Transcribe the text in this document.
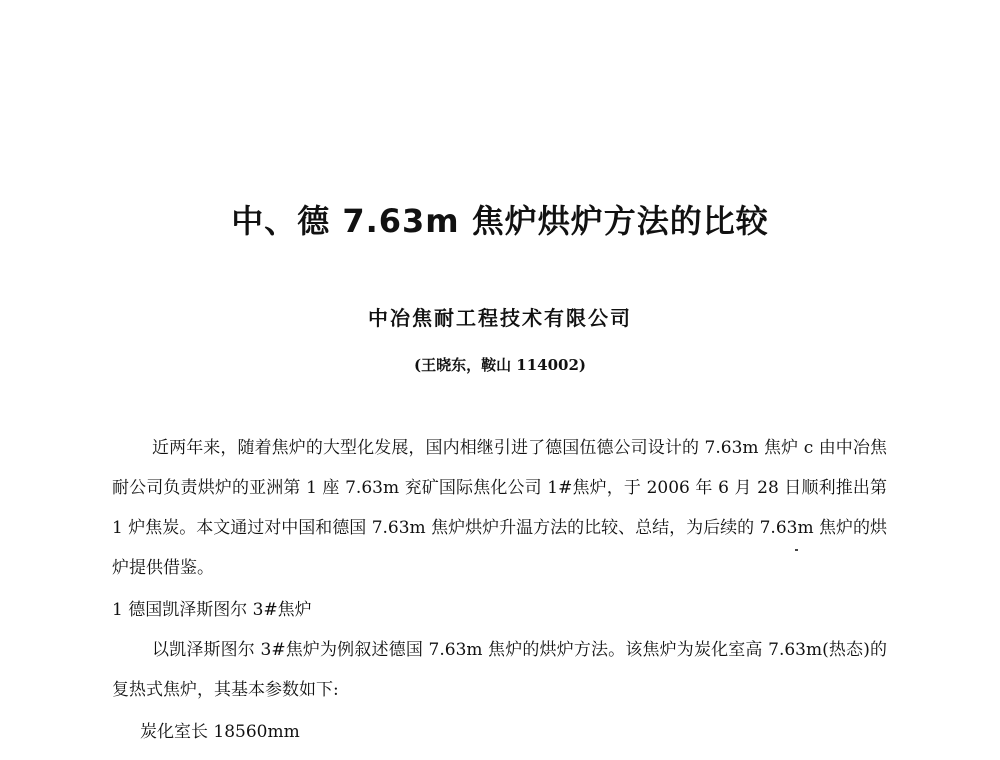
中、德 7.63m 焦炉烘炉方法的比较
中冶焦耐工程技术有限公司
(王晓东，鞍山 114002)

近两年来，随着焦炉的大型化发展，国内相继引进了德国伍德公司设计的 7.63m 焦炉 c 由中冶焦耐公司负责烘炉的亚洲第 1 座 7.63m 兖矿国际焦化公司 1#焦炉，于 2006 年 6 月 28 日顺利推出第 1 炉焦炭。本文通过对中国和德国 7.63m 焦炉烘炉升温方法的比较、总结，为后续的 7.63m 焦炉的烘炉提供借鉴。

1 德国凯泽斯图尔 3#焦炉

以凯泽斯图尔 3#焦炉为例叙述德国 7.63m 焦炉的烘炉方法。该焦炉为炭化室高 7.63m(热态)的复热式焦炉，其基本参数如下:

炭化室长 18560mm
